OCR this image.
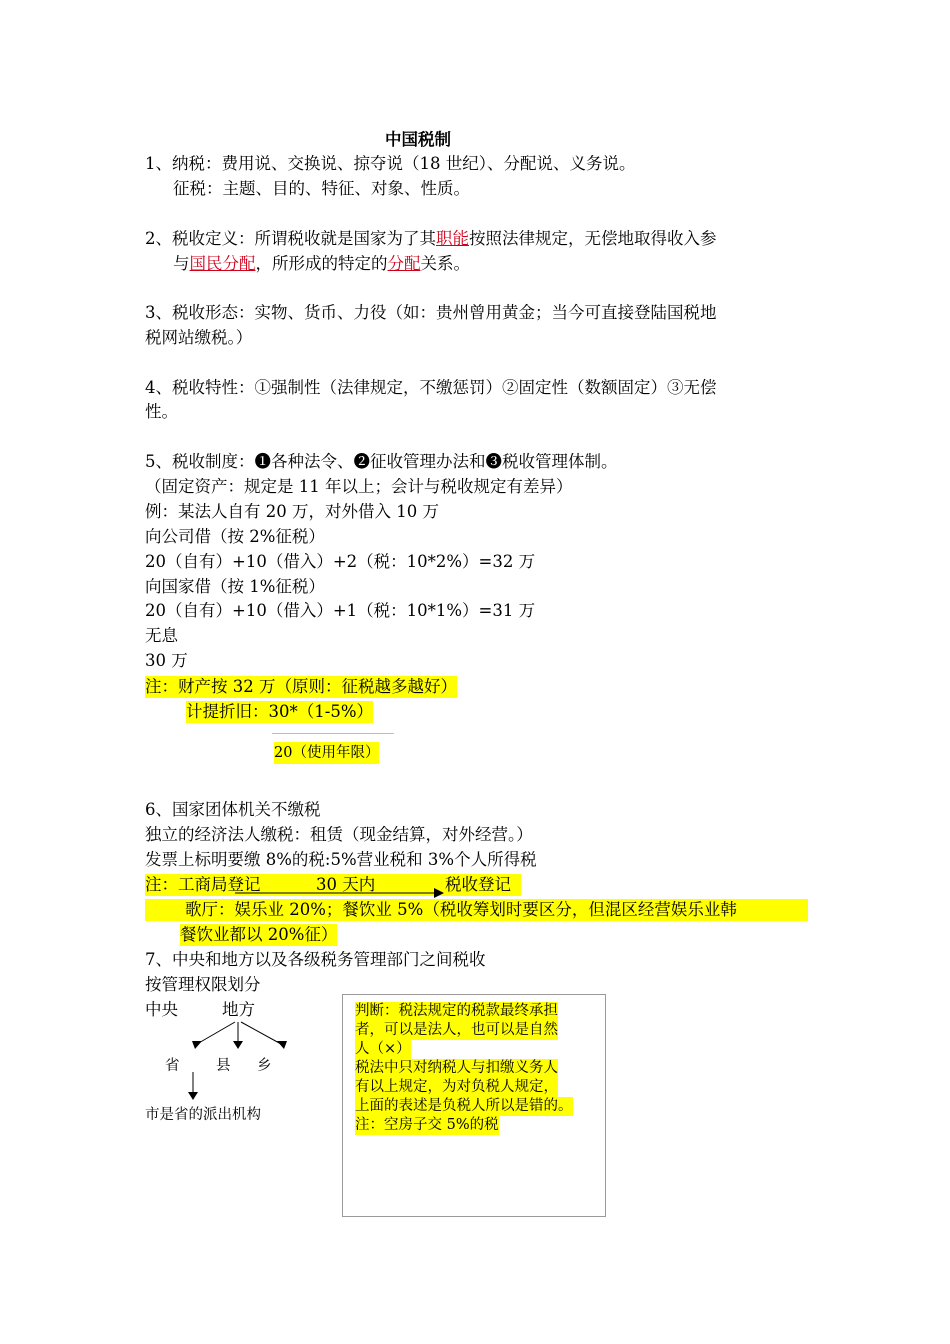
中国税制
1、纳税：费用说、交换说、掠夺说（18 世纪）、分配说、义务说。
征税：主题、目的、特征、对象、性质。
2、税收定义：所谓税收就是国家为了其职能按照法律规定，无偿地取得收入参
与国民分配，所形成的特定的分配关系。
3、税收形态：实物、货币、力役（如：贵州曾用黄金；当今可直接登陆国税地
税网站缴税。）
4、税收特性：①强制性（法律规定，不缴惩罚）②固定性（数额固定）③无偿
性。
5、税收制度：❶各种法令、❷征收管理办法和❸税收管理体制。
（固定资产：规定是 11 年以上；会计与税收规定有差异）
例：某法人自有 20 万，对外借入 10 万
向公司借（按 2%征税）
20（自有）+10（借入）+2（税：10*2%）=32 万
向国家借（按 1%征税）
20（自有）+10（借入）+1（税：10*1%）=31 万
无息
30 万
注：财产按 32 万（原则：征税越多越好）
计提折旧：30*（1-5%）
20（使用年限）
6、国家团体机关不缴税
独立的经济法人缴税：租赁（现金结算，对外经营。）
发票上标明要缴 8%的税:5%营业税和 3%个人所得税
注：工商局登记	30 天内	税收登记
歌厅：娱乐业 20%；餐饮业 5%（税收筹划时要区分，但混区经营娱乐业韩
餐饮业都以 20%征）
7、中央和地方以及各级税务管理部门之间税收
按管理权限划分
中央	地方
省	县 乡
市是省的派出机构
判断：税法规定的税款最终承担
者，可以是法人，也可以是自然
人（×）
税法中只对纳税人与扣缴义务人
有以上规定，为对负税人规定，
上面的表述是负税人所以是错的。
注：空房子交 5%的税
